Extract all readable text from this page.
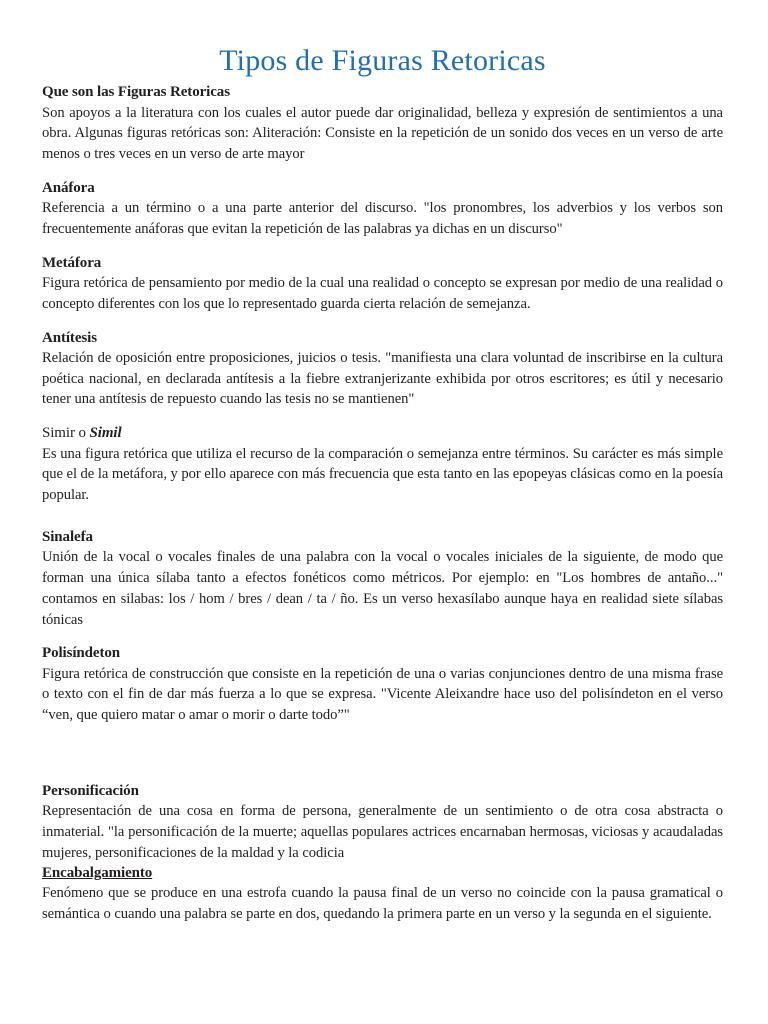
Tipos de Figuras Retoricas
Que son las Figuras Retoricas

Son apoyos a la literatura con los cuales el autor puede dar originalidad, belleza y expresión de sentimientos a una obra. Algunas figuras retóricas son: Aliteración: Consiste en la repetición de un sonido dos veces en un verso de arte menos o tres veces en un verso de arte mayor

Anáfora

Referencia a un término o a una parte anterior del discurso. "los pronombres, los adverbios y los verbos son frecuentemente anáforas que evitan la repetición de las palabras ya dichas en un discurso"

Metáfora

Figura retórica de pensamiento por medio de la cual una realidad o concepto se expresan por medio de una realidad o concepto diferentes con los que lo representado guarda cierta relación de semejanza.

Antítesis

Relación de oposición entre proposiciones, juicios o tesis. "manifiesta una clara voluntad de inscribirse en la cultura poética nacional, en declarada antítesis a la fiebre extranjerizante exhibida por otros escritores; es útil y necesario tener una antítesis de repuesto cuando las tesis no se mantienen"

Simir o Simil

Es una figura retórica que utiliza el recurso de la comparación o semejanza entre términos. Su carácter es más simple que el de la metáfora, y por ello aparece con más frecuencia que esta tanto en las epopeyas clásicas como en la poesía popular.

Sinalefa

Unión de la vocal o vocales finales de una palabra con la vocal o vocales iniciales de la siguiente, de modo que forman una única sílaba tanto a efectos fonéticos como métricos. Por ejemplo: en "Los hombres de antaño..." contamos en silabas: los / hom / bres / dean / ta / ño. Es un verso hexasílabo aunque haya en realidad siete sílabas tónicas

Polisíndeton

Figura retórica de construcción que consiste en la repetición de una o varias conjunciones dentro de una misma frase o texto con el fin de dar más fuerza a lo que se expresa. "Vicente Aleixandre hace uso del polisíndeton en el verso “ven, que quiero matar o amar o morir o darte todo”"

Personificación

Representación de una cosa en forma de persona, generalmente de un sentimiento o de otra cosa abstracta o inmaterial. "la personificación de la muerte; aquellas populares actrices encarnaban hermosas, viciosas y acaudaladas mujeres, personificaciones de la maldad y la codicia

Encabalgamiento

Fenómeno que se produce en una estrofa cuando la pausa final de un verso no coincide con la pausa gramatical o semántica o cuando una palabra se parte en dos, quedando la primera parte en un verso y la segunda en el siguiente.
